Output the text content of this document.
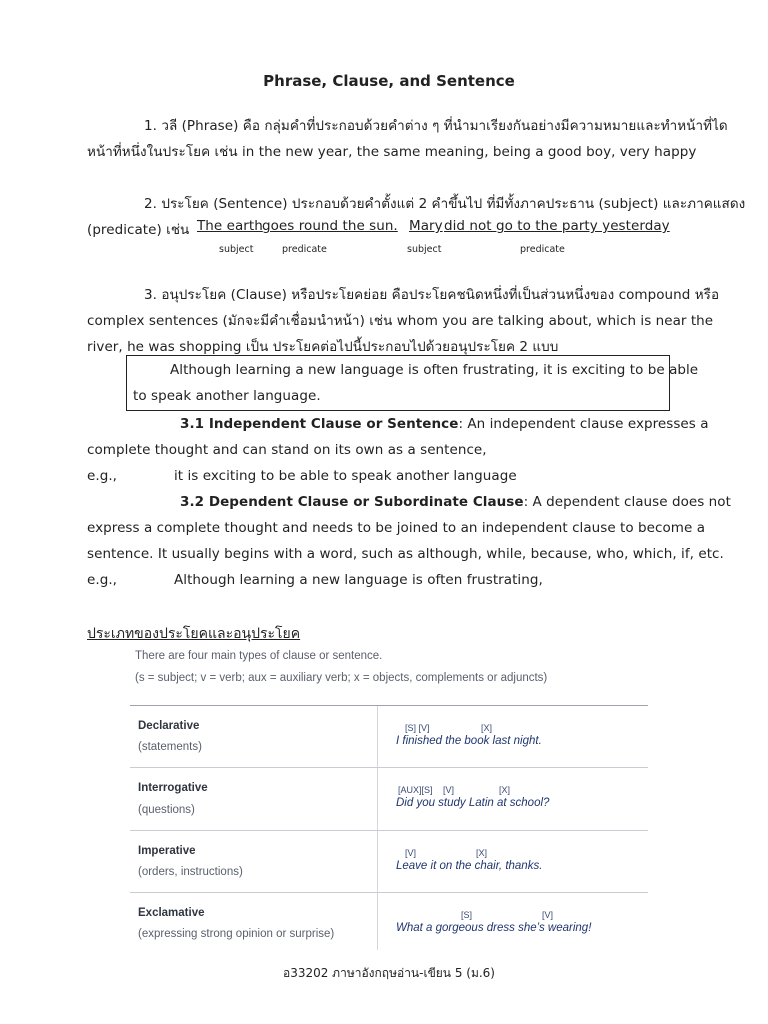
Phrase, Clause, and Sentence
1. วลี (Phrase) คือ กลุ่มคำที่ประกอบด้วยคำต่าง ๆ ที่นำมาเรียงกันอย่างมีความหมายและทำหน้าที่ได
หน้าที่หนึ่งในประโยค เช่น in the new year, the same meaning, being a good boy, very happy
2. ประโยค (Sentence) ประกอบด้วยคำตั้งแต่ 2 คำขึ้นไป ที่มีทั้งภาคประธาน (subject) และภาคแสดง
(predicate) เช่น The earth goes round the sun. Mary did not go to the party yesterday
subject	predicate	subject	predicate
3. อนุประโยค (Clause) หรือประโยคย่อย คือประโยคชนิดหนึ่งที่เป็นส่วนหนึ่งของ compound หรือ
complex sentences (มักจะมีคำเชื่อมนำหน้า) เช่น whom you are talking about, which is near the
river, he was shopping เป็น ประโยคต่อไปนี้ประกอบไปด้วยอนุประโยค 2 แบบ
Although learning a new language is often frustrating, it is exciting to be able
to speak another language.
3.1 Independent Clause or Sentence: An independent clause expresses a
complete thought and can stand on its own as a sentence,
e.g.,	it is exciting to be able to speak another language
3.2 Dependent Clause or Subordinate Clause: A dependent clause does not
express a complete thought and needs to be joined to an independent clause to become a
sentence. It usually begins with a word, such as although, while, because, who, which, if, etc.
e.g.,	Although learning a new language is often frustrating,
ประเภทของประโยคและอนุประโยค
There are four main types of clause or sentence.
(s = subject; v = verb; aux = auxiliary verb; x = objects, complements or adjuncts)
Declarative
(statements)
[S] [V]	[X]
I finished the book last night.
Interrogative
(questions)
[AUX][S] [V]	[X]
Did you study Latin at school?
Imperative
(orders, instructions)
[V]	[X]
Leave it on the chair, thanks.
Exclamative
(expressing strong opinion or surprise)
[S]	[V]
What a gorgeous dress she’s wearing!
อ33202 ภาษาอังกฤษอ่าน-เขียน 5 (ม.6)
